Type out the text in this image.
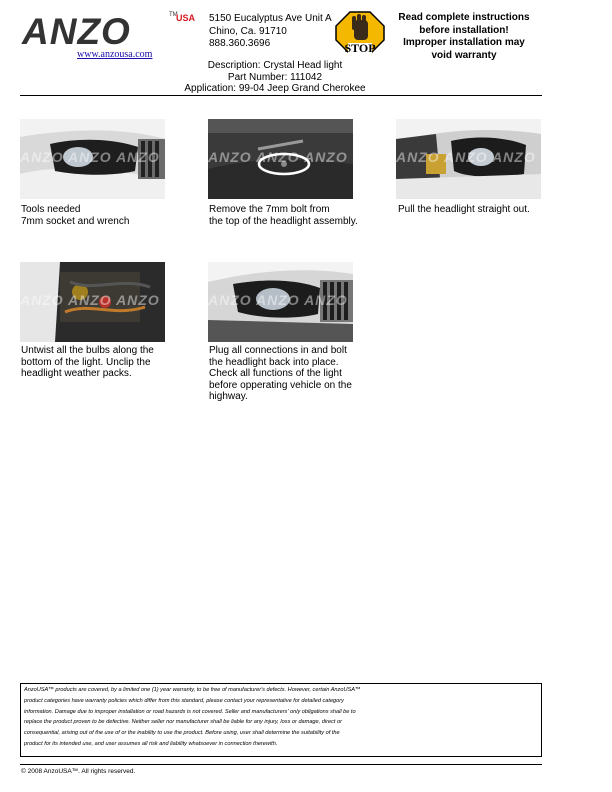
ANZO	TM
USA
www.anzousa.com
5150 Eucalyptus Ave Unit A
Chino, Ca. 91710
888.360.3696	STOP
Read complete instructions
before installation!
Improper installation may
void warranty
Description: Crystal Head light
Part Number: 111042
Application: 99-04 Jeep Grand Cherokee
ANZO ANZO ANZO
Tools needed
7mm socket and wrench
ANZO ANZO ANZO
Remove the 7mm bolt from
the top of the headlight assembly.
ANZO ANZO ANZO
Pull the headlight straight out.
ANZO ANZO ANZO
Untwist all the bulbs along the
bottom of the light. Unclip the
headlight weather packs.
ANZO ANZO ANZO
Plug all connections in and bolt
the headlight back into place.
Check all functions of the light
before opperating vehicle on the
highway.
AnzoUSA™ products are covered, by a limited one (1) year warranty, to be free of manufacturer's defects. However, certain AnzoUSA™
product categories have warranty policies which differ from this standard, please contact your representative for detailed category
information. Damage due to improper installation or road hazards is not covered. Seller and manufacturers' only obligations shall be to
replace the product proven to be defective. Neither seller nor manufacturer shall be liable for any injury, loss or damage, direct or
consequential, arising out of the use of or the inability to use the product. Before using, user shall determine the suitability of the
product for its intended use, and user assumes all risk and liability whatsoever in connection therewith.
© 2008 AnzoUSA™. All rights reserved.
